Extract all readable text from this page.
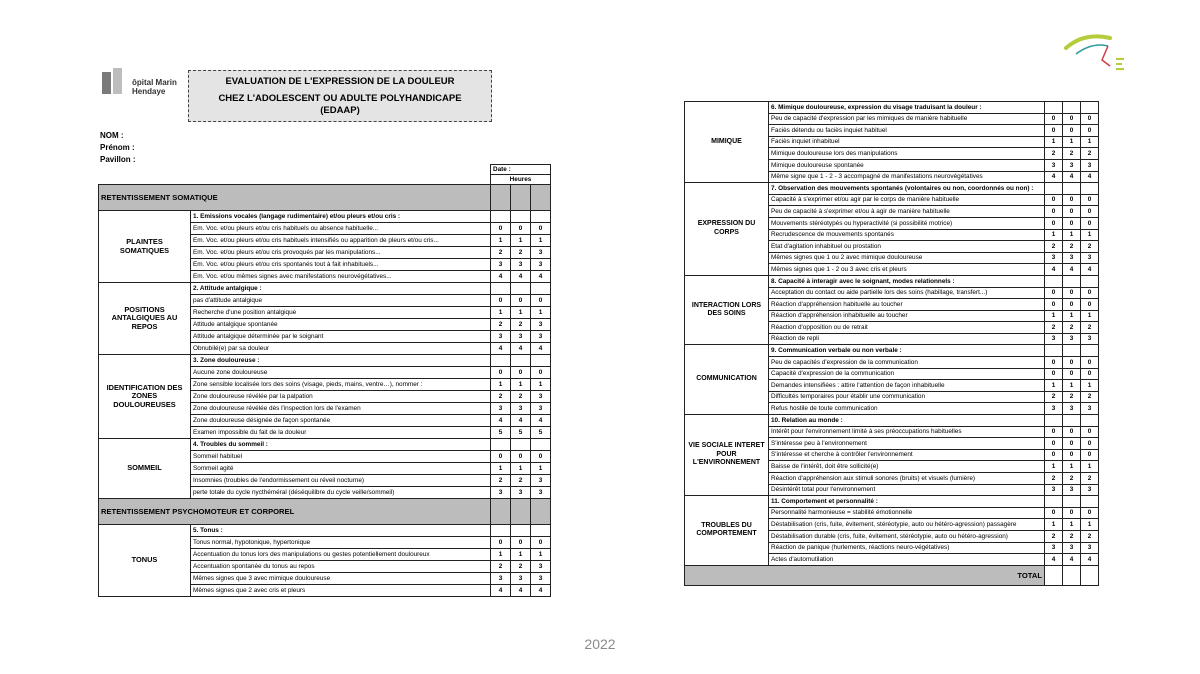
ôpital Marin
Hendaye
EVALUATION DE L'EXPRESSION DE LA DOULEUR
CHEZ L'ADOLESCENT OU ADULTE POLYHANDICAPE
(EDAAP)
NOM :
Prénom :
Pavillon :
		Date :		
		Heures		
RETENTISSEMENT SOMATIQUE				
PLAINTES SOMATIQUES	1. Emissions vocales (langage rudimentaire) et/ou pleurs et/ou cris :			
	Em. Voc. et/ou pleurs et/ou cris habituels ou absence habituelle...	0	0	0
	Em. Voc. et/ou pleurs et/ou cris habituels intensifiés ou apparition de pleurs et/ou cris...	1	1	1
	Em. Voc. et/ou pleurs et/ou cris provoqués par les manipulations...	2	2	3
	Em. Voc. et/ou pleurs et/ou cris spontanés tout à fait inhabituels...	3	3	3
	Em. Voc. et/ou mêmes signes avec manifestations neurovégétatives...	4	4	4
POSITIONS ANTALGIQUES AU REPOS	2. Attitude antalgique :			
	pas d'attitude antalgique	0	0	0
	Recherche d'une position antalgique	1	1	1
	Attitude antalgique spontanée	2	2	3
	Attitude antalgique déterminée par le soignant	3	3	3
	Obnubilé(e) par sa douleur	4	4	4
IDENTIFICATION DES ZONES DOULOUREUSES	3. Zone douloureuse :			
	Aucune zone douloureuse	0	0	0
	Zone sensible localisée lors des soins (visage, pieds, mains, ventre…), nommer :	1	1	1
	Zone douloureuse révélée par la palpation	2	2	3
	Zone douloureuse révélée dès l'inspection lors de l'examen	3	3	3
	Zone douloureuse désignée de façon spontanée	4	4	4
	Examen impossible du fait de la douleur	5	5	5
SOMMEIL	4. Troubles du sommeil :			
	Sommeil habituel	0	0	0
	Sommeil agité	1	1	1
	Insomnies (troubles de l'endormissement ou réveil nocturne)	2	2	3
	perte totale du cycle nycthéméral (déséquilibre du cycle veille/sommeil)	3	3	3
RETENTISSEMENT PSYCHOMOTEUR ET CORPOREL				
TONUS	5. Tonus :			
	Tonus normal, hypotonique, hypertonique	0	0	0
	Accentuation du tonus lors des manipulations ou gestes potentiellement douloureux	1	1	1
	Accentuation spontanée du tonus au repos	2	2	3
	Mêmes signes que 3 avec mimique douloureuse	3	3	3
	Mêmes signes que 2 avec cris et pleurs	4	4	4
MIMIQUE	6. Mimique douloureuse, expression du visage traduisant la douleur :			
	Peu de capacité d'expression par les mimiques de manière habituelle	0	0	0
	Faciès détendu ou faciès inquiet habituel	0	0	0
	Faciès inquiet inhabituel	1	1	1
	Mimique douloureuse lors des manipulations	2	2	2
	Mimique douloureuse spontanée	3	3	3
	Même signe que 1 - 2 - 3 accompagné de manifestations neurovégétatives	4	4	4
EXPRESSION DU CORPS	7. Observation des mouvements spontanés (volontaires ou non, coordonnés ou non) :			
	Capacité à s'exprimer et/ou agir par le corps de manière habituelle	0	0	0
	Peu de capacité à s'exprimer et/ou à agir de manière habituelle	0	0	0
	Mouvements stéréotypés ou hyperactivité (si possibilité motrice)	0	0	0
	Recrudescence de mouvements spontanés	1	1	1
	Etat d'agitation inhabituel ou prostation	2	2	2
	Mêmes signes que 1 ou 2 avec mimique douloureuse	3	3	3
	Mêmes signes que 1 - 2 ou 3 avec cris et pleurs	4	4	4
INTERACTION LORS DES SOINS	8. Capacité à interagir avec le soignant, modes relationnels :			
	Acceptation du contact ou aide partielle lors des soins (habillage, transfert...)	0	0	0
	Réaction d'appréhension habituelle au toucher	0	0	0
	Réaction d'appréhension inhabituelle au toucher	1	1	1
	Réaction d'opposition ou de retrait	2	2	2
	Réaction de repli	3	3	3
COMMUNICATION	9. Communication verbale ou non verbale :			
	Peu de capacités d'expression de la communication	0	0	0
	Capacité d'expression de la communication	0	0	0
	Demandes intensifiées : attire l'attention de façon inhabituelle	1	1	1
	Difficultés temporaires pour établir une communication	2	2	2
	Refus hostile de toute communication	3	3	3
VIE SOCIALE INTERET POUR L'ENVIRONNEMENT	10. Relation au monde :			
	Intérêt pour l'environnement limité à ses préoccupations habituelles	0	0	0
	S'intéresse peu à l'environnement	0	0	0
	S'intéresse et cherche à contrôler l'environnement	0	0	0
	Baisse de l'intérêt, doit être sollicité(e)	1	1	1
	Réaction d'appréhension aux stimuli sonores (bruits) et visuels (lumière)	2	2	2
	Désintérêt total pour l'environnement	3	3	3
TROUBLES DU COMPORTEMENT	11. Comportement et personnalité :			
	Personnalité harmonieuse = stabilité émotionnelle	0	0	0
	Déstabilisation (cris, fuite, évitement, stéréotypie, auto ou hétéro-agression) passagère	1	1	1
	Déstabilisation durable (cris, fuite, évitement, stéréotypie, auto ou hétéro-agression)	2	2	2
	Réaction de panique (hurlements, réactions neuro-végétatives)	3	3	3
	Actes d'automutilation	4	4	4
TOTAL				
2022
